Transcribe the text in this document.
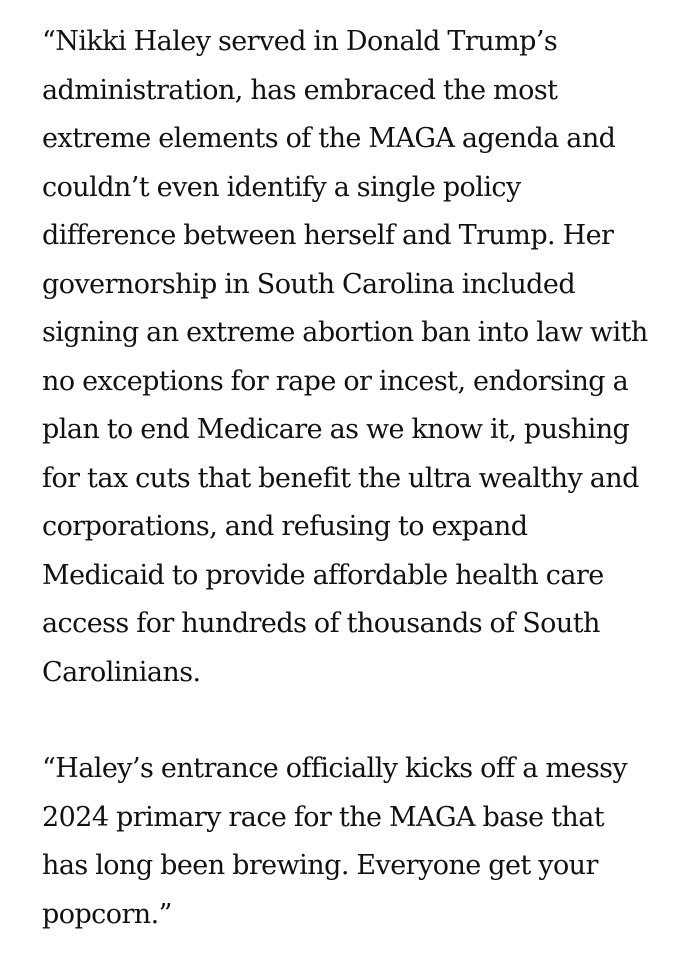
“Nikki Haley served in Donald Trump’s
administration, has embraced the most
extreme elements of the MAGA agenda and
couldn’t even identify a single policy
difference between herself and Trump. Her
governorship in South Carolina included
signing an extreme abortion ban into law with
no exceptions for rape or incest, endorsing a
plan to end Medicare as we know it, pushing
for tax cuts that benefit the ultra wealthy and
corporations, and refusing to expand
Medicaid to provide affordable health care
access for hundreds of thousands of South
Carolinians.

“Haley’s entrance officially kicks off a messy
2024 primary race for the MAGA base that
has long been brewing. Everyone get your
popcorn.”
